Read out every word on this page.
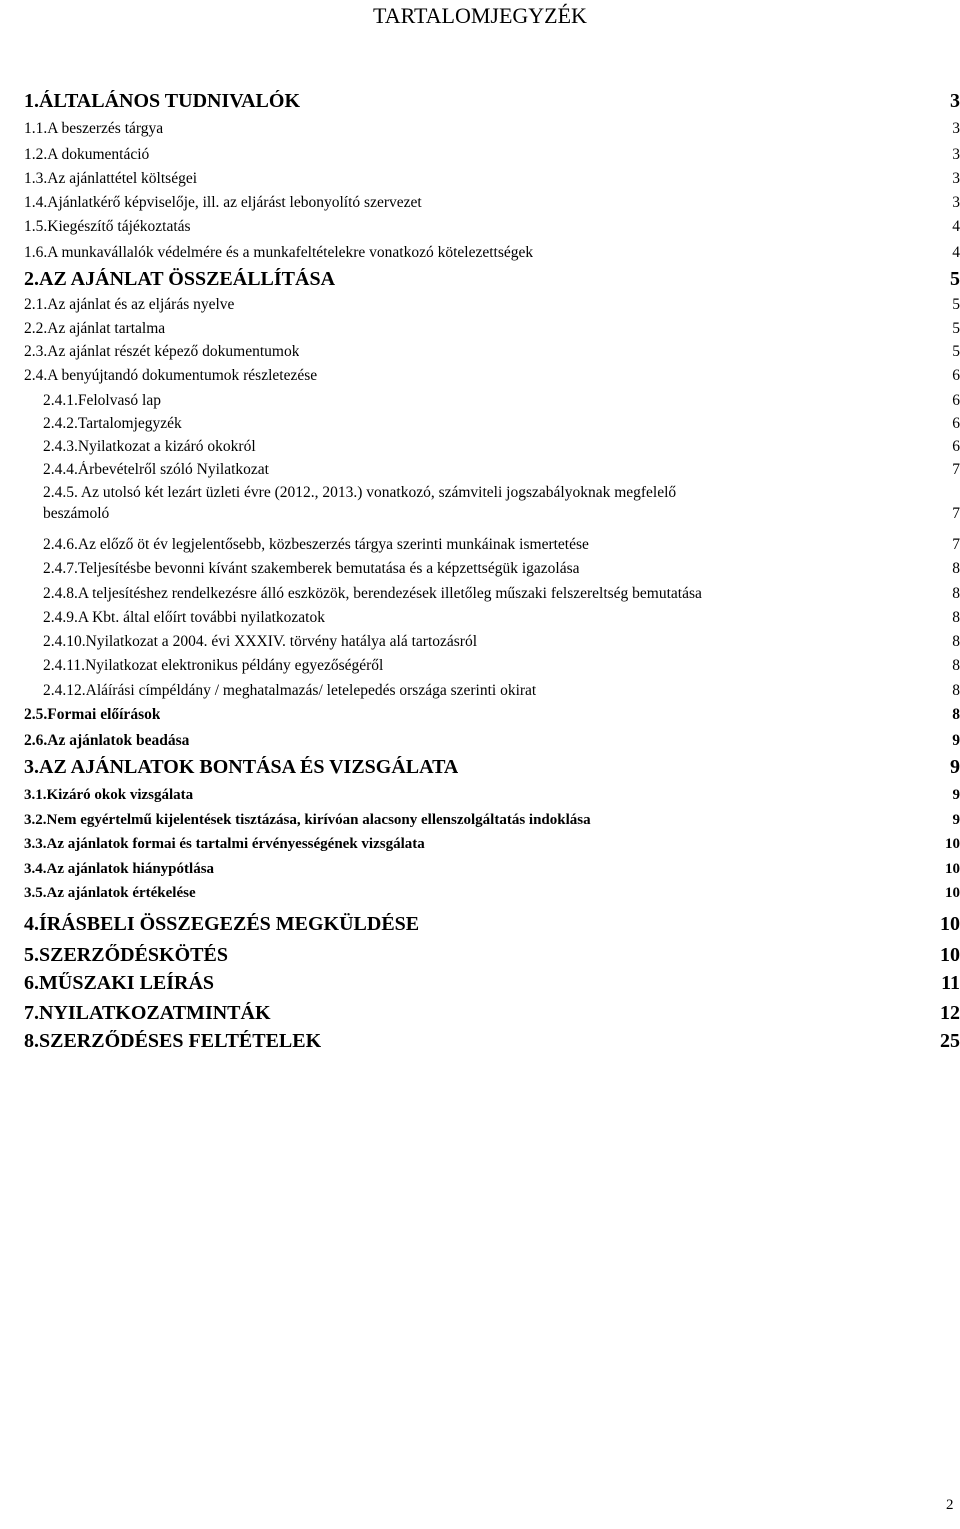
TARTALOMJEGYZÉK
1. ÁLTALÁNOS TUDNIVALÓK	3
1.1. A beszerzés tárgya	3
1.2. A dokumentáció	3
1.3. Az ajánlattétel költségei	3
1.4. Ajánlatkérő képviselője, ill. az eljárást lebonyolító szervezet	3
1.5. Kiegészítő tájékoztatás	4
1.6. A munkavállalók védelmére és a munkafeltételekre vonatkozó kötelezettségek	4
2. AZ AJÁNLAT ÖSSZEÁLLÍTÁSA	5
2.1. Az ajánlat és az eljárás nyelve	5
2.2. Az ajánlat tartalma	5
2.3. Az ajánlat részét képező dokumentumok	5
2.4. A benyújtandó dokumentumok részletezése	6
2.4.1. Felolvasó lap	6
2.4.2. Tartalomjegyzék	6
2.4.3. Nyilatkozat a kizáró okokról	6
2.4.4. Árbevételről szóló Nyilatkozat	7
2.4.5. Az utolsó két lezárt üzleti évre (2012., 2013.) vonatkozó, számviteli jogszabályoknak megfelelő
beszámoló	7
2.4.6. Az előző öt év legjelentősebb, közbeszerzés tárgya szerinti munkáinak ismertetése	7
2.4.7. Teljesítésbe bevonni kívánt szakemberek bemutatása és a képzettségük igazolása	8
2.4.8. A teljesítéshez rendelkezésre álló eszközök, berendezések illetőleg műszaki felszereltség bemutatása	8
2.4.9. A Kbt. által előírt további nyilatkozatok	8
2.4.10. Nyilatkozat a 2004. évi XXXIV. törvény hatálya alá tartozásról	8
2.4.11. Nyilatkozat elektronikus példány egyezőségéről	8
2.4.12. Aláírási címpéldány / meghatalmazás/ letelepedés országa szerinti okirat	8
2.5. Formai előírások	8
2.6. Az ajánlatok beadása	9
3. AZ AJÁNLATOK BONTÁSA ÉS VIZSGÁLATA	9
3.1. Kizáró okok vizsgálata	9
3.2. Nem egyértelmű kijelentések tisztázása, kirívóan alacsony ellenszolgáltatás indoklása	9
3.3. Az ajánlatok formai és tartalmi érvényességének vizsgálata	10
3.4. Az ajánlatok hiánypótlása	10
3.5. Az ajánlatok értékelése	10
4. ÍRÁSBELI ÖSSZEGEZÉS MEGKÜLDÉSE	10
5. SZERZŐDÉSKÖTÉS	10
6. MŰSZAKI LEÍRÁS	11
7. NYILATKOZATMINTÁK	12
8. SZERZŐDÉSES FELTÉTELEK	25
2
